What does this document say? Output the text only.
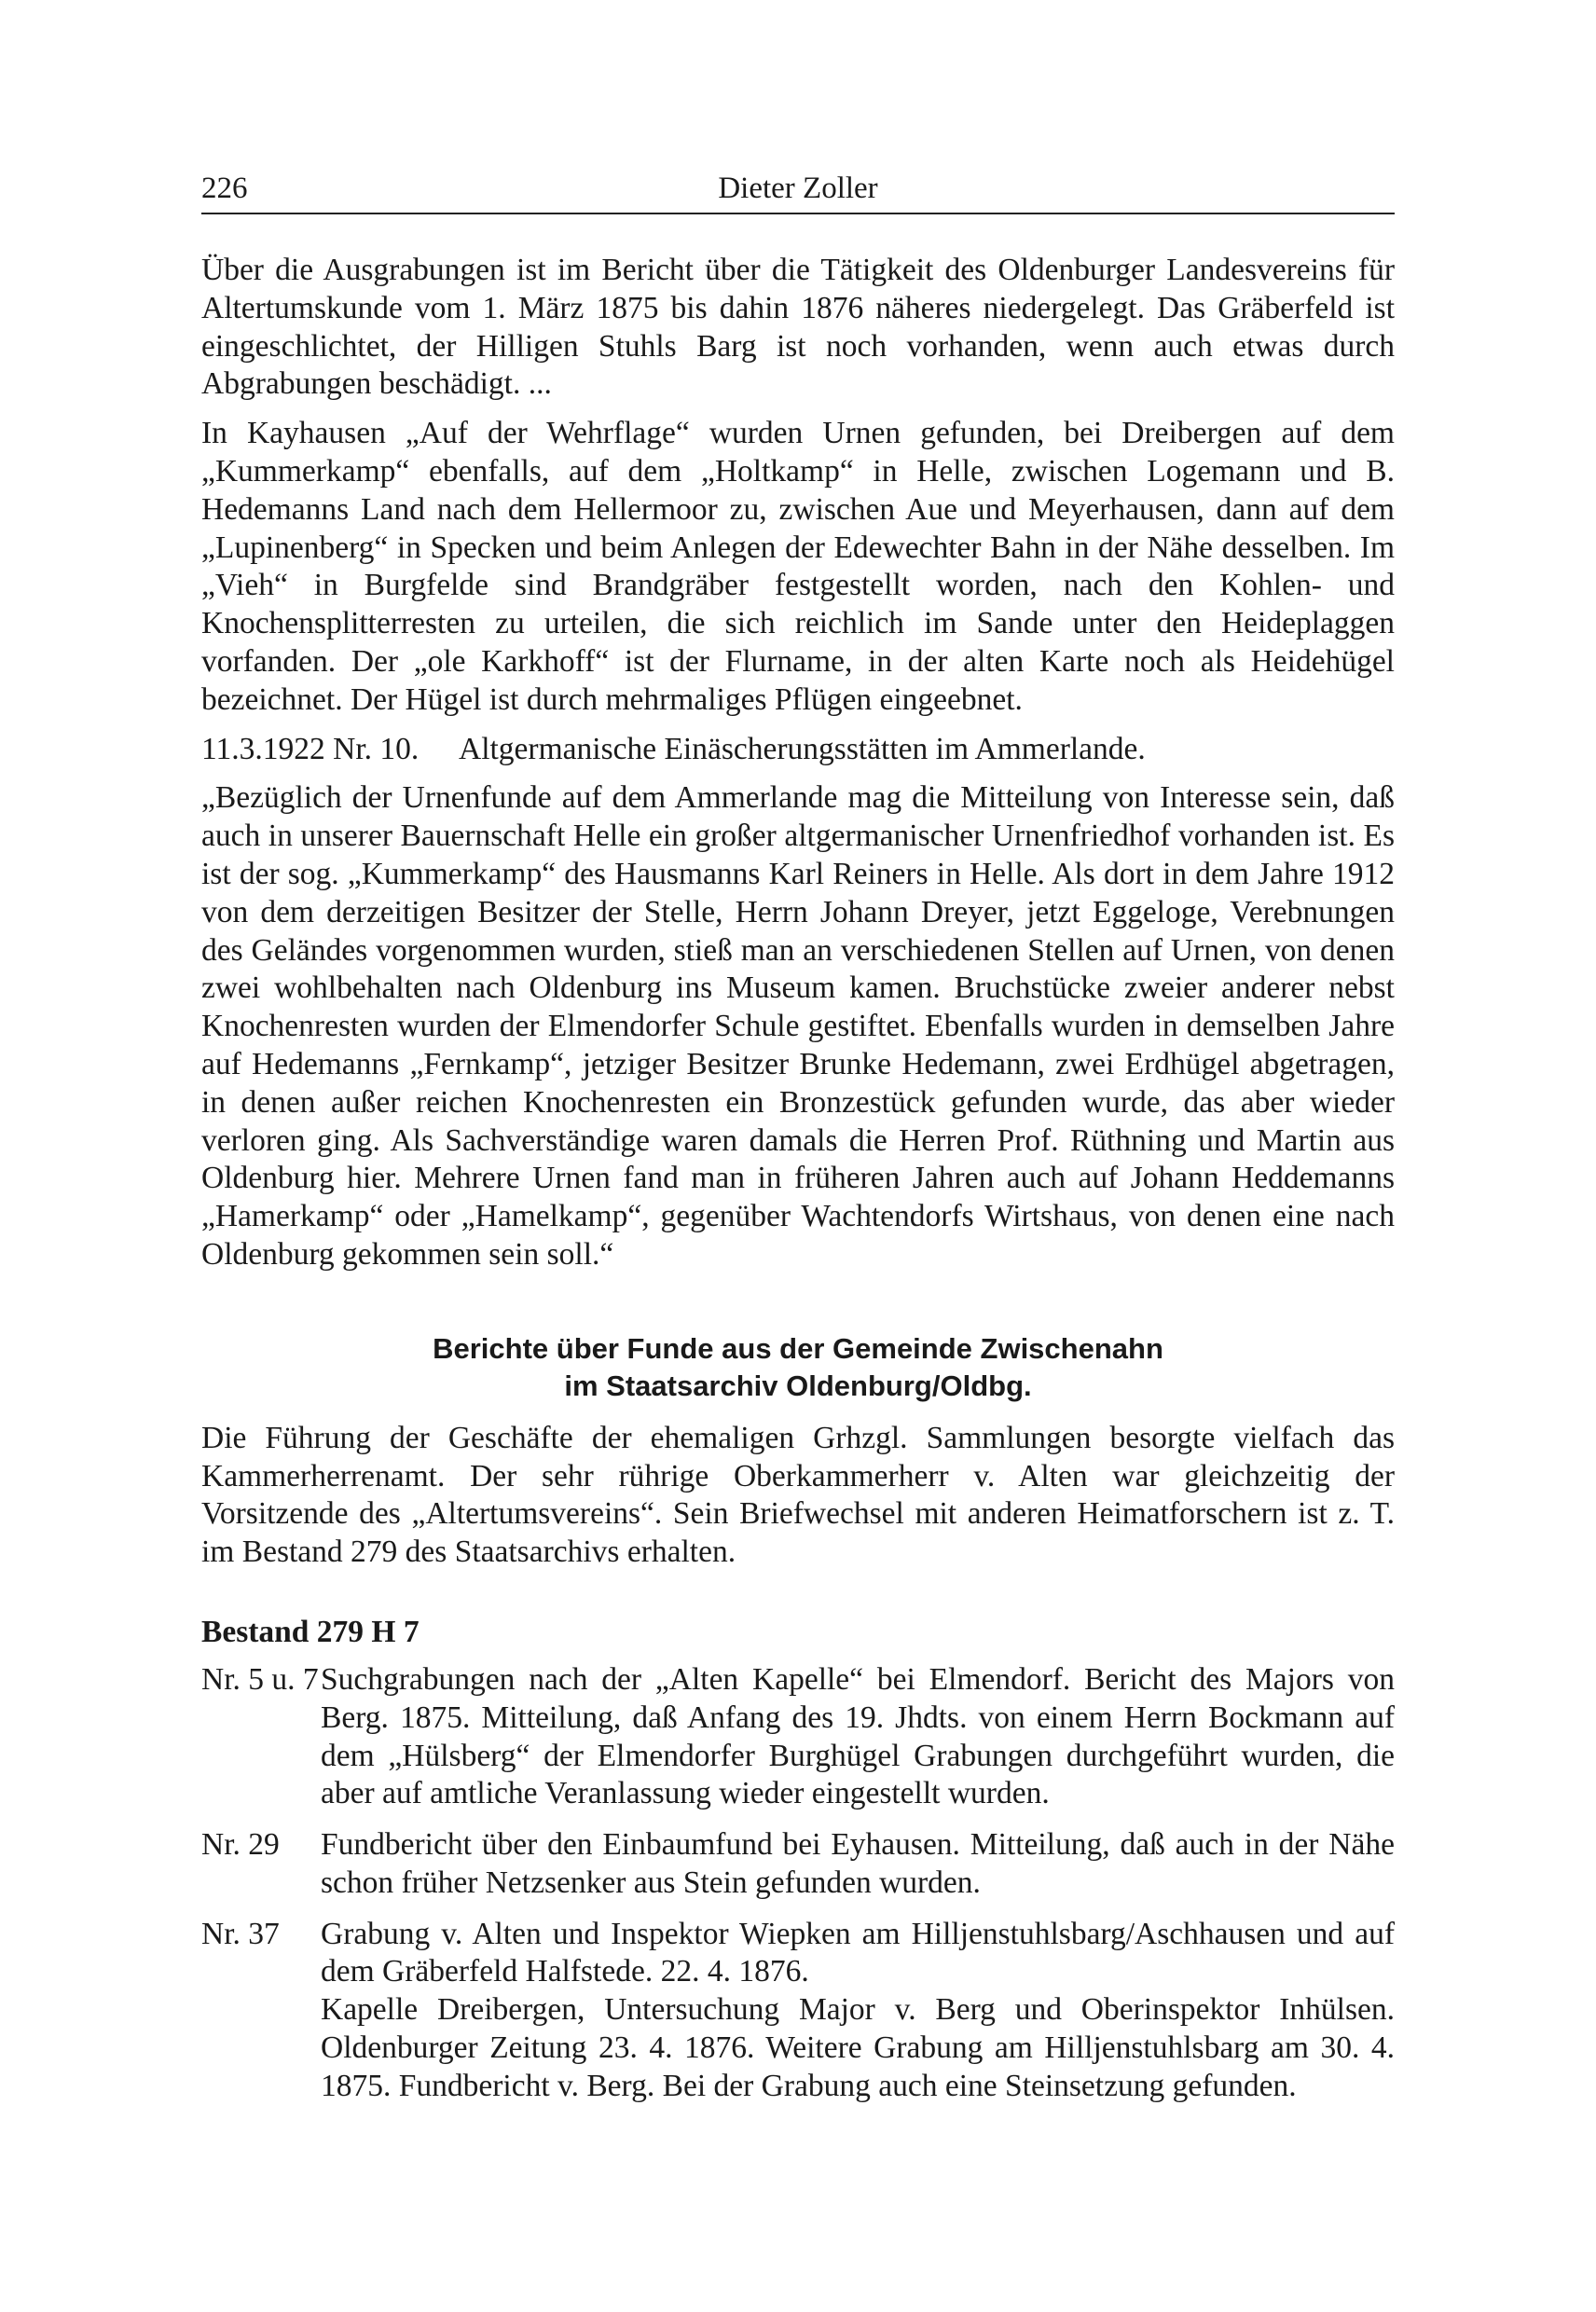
226	Dieter Zoller

Über die Ausgrabungen ist im Bericht über die Tätigkeit des Oldenburger Landesvereins für Altertumskunde vom 1. März 1875 bis dahin 1876 näheres niedergelegt. Das Gräberfeld ist eingeschlichtet, der Hilligen Stuhls Barg ist noch vorhanden, wenn auch etwas durch Abgrabungen beschädigt. ...

In Kayhausen „Auf der Wehrflage“ wurden Urnen gefunden, bei Dreibergen auf dem „Kummerkamp“ ebenfalls, auf dem „Holtkamp“ in Helle, zwischen Logemann und B. Hedemanns Land nach dem Hellermoor zu, zwischen Aue und Meyerhausen, dann auf dem „Lupinenberg“ in Specken und beim Anlegen der Edewechter Bahn in der Nähe desselben. Im „Vieh“ in Burgfelde sind Brandgräber festgestellt worden, nach den Kohlen- und Knochensplitterresten zu urteilen, die sich reichlich im Sande unter den Heideplaggen vorfanden. Der „ole Karkhoff“ ist der Flurname, in der alten Karte noch als Heidehügel bezeichnet. Der Hügel ist durch mehrmaliges Pflügen eingeebnet.

11.3.1922 Nr. 10.	Altgermanische Einäscherungsstätten im Ammerlande.

„Bezüglich der Urnenfunde auf dem Ammerlande mag die Mitteilung von Interesse sein, daß auch in unserer Bauernschaft Helle ein großer altgermanischer Urnenfriedhof vorhanden ist. Es ist der sog. „Kummerkamp“ des Hausmanns Karl Reiners in Helle. Als dort in dem Jahre 1912 von dem derzeitigen Besitzer der Stelle, Herrn Johann Dreyer, jetzt Eggeloge, Verebnungen des Geländes vorgenommen wurden, stieß man an verschiedenen Stellen auf Urnen, von denen zwei wohlbehalten nach Oldenburg ins Museum kamen. Bruchstücke zweier anderer nebst Knochenresten wurden der Elmendorfer Schule gestiftet. Ebenfalls wurden in demselben Jahre auf Hedemanns „Fernkamp“, jetziger Besitzer Brunke Hedemann, zwei Erdhügel abgetragen, in denen außer reichen Knochenresten ein Bronzestück gefunden wurde, das aber wieder verloren ging. Als Sachverständige waren damals die Herren Prof. Rüthning und Martin aus Oldenburg hier. Mehrere Urnen fand man in früheren Jahren auch auf Johann Heddemanns „Hamerkamp“ oder „Hamelkamp“, gegenüber Wachtendorfs Wirtshaus, von denen eine nach Oldenburg gekommen sein soll.“

Berichte über Funde aus der Gemeinde Zwischenahn
im Staatsarchiv Oldenburg/Oldbg.

Die Führung der Geschäfte der ehemaligen Grhzgl. Sammlungen besorgte vielfach das Kammerherrenamt. Der sehr rührige Oberkammerherr v. Alten war gleichzeitig der Vorsitzende des „Altertumsvereins“. Sein Briefwechsel mit anderen Heimatforschern ist z. T. im Bestand 279 des Staatsarchivs erhalten.

Bestand 279 H 7
Nr. 5 u. 7 Suchgrabungen nach der „Alten Kapelle“ bei Elmendorf. Bericht des Majors von Berg. 1875. Mitteilung, daß Anfang des 19. Jhdts. von einem Herrn Bockmann auf dem „Hülsberg“ der Elmendorfer Burghügel Grabungen durchgeführt wurden, die aber auf amtliche Veranlassung wieder eingestellt wurden.

Nr. 29	Fundbericht über den Einbaumfund bei Eyhausen. Mitteilung, daß auch in der Nähe schon früher Netzsenker aus Stein gefunden wurden.

Nr. 37	Grabung v. Alten und Inspektor Wiepken am Hilljenstuhlsbarg/Aschhausen und auf dem Gräberfeld Halfstede. 22. 4. 1876.

Kapelle Dreibergen, Untersuchung Major v. Berg und Oberinspektor Inhülsen. Oldenburger Zeitung 23. 4. 1876. Weitere Grabung am Hilljenstuhlsbarg am 30. 4. 1875. Fundbericht v. Berg. Bei der Grabung auch eine Steinsetzung gefunden.
